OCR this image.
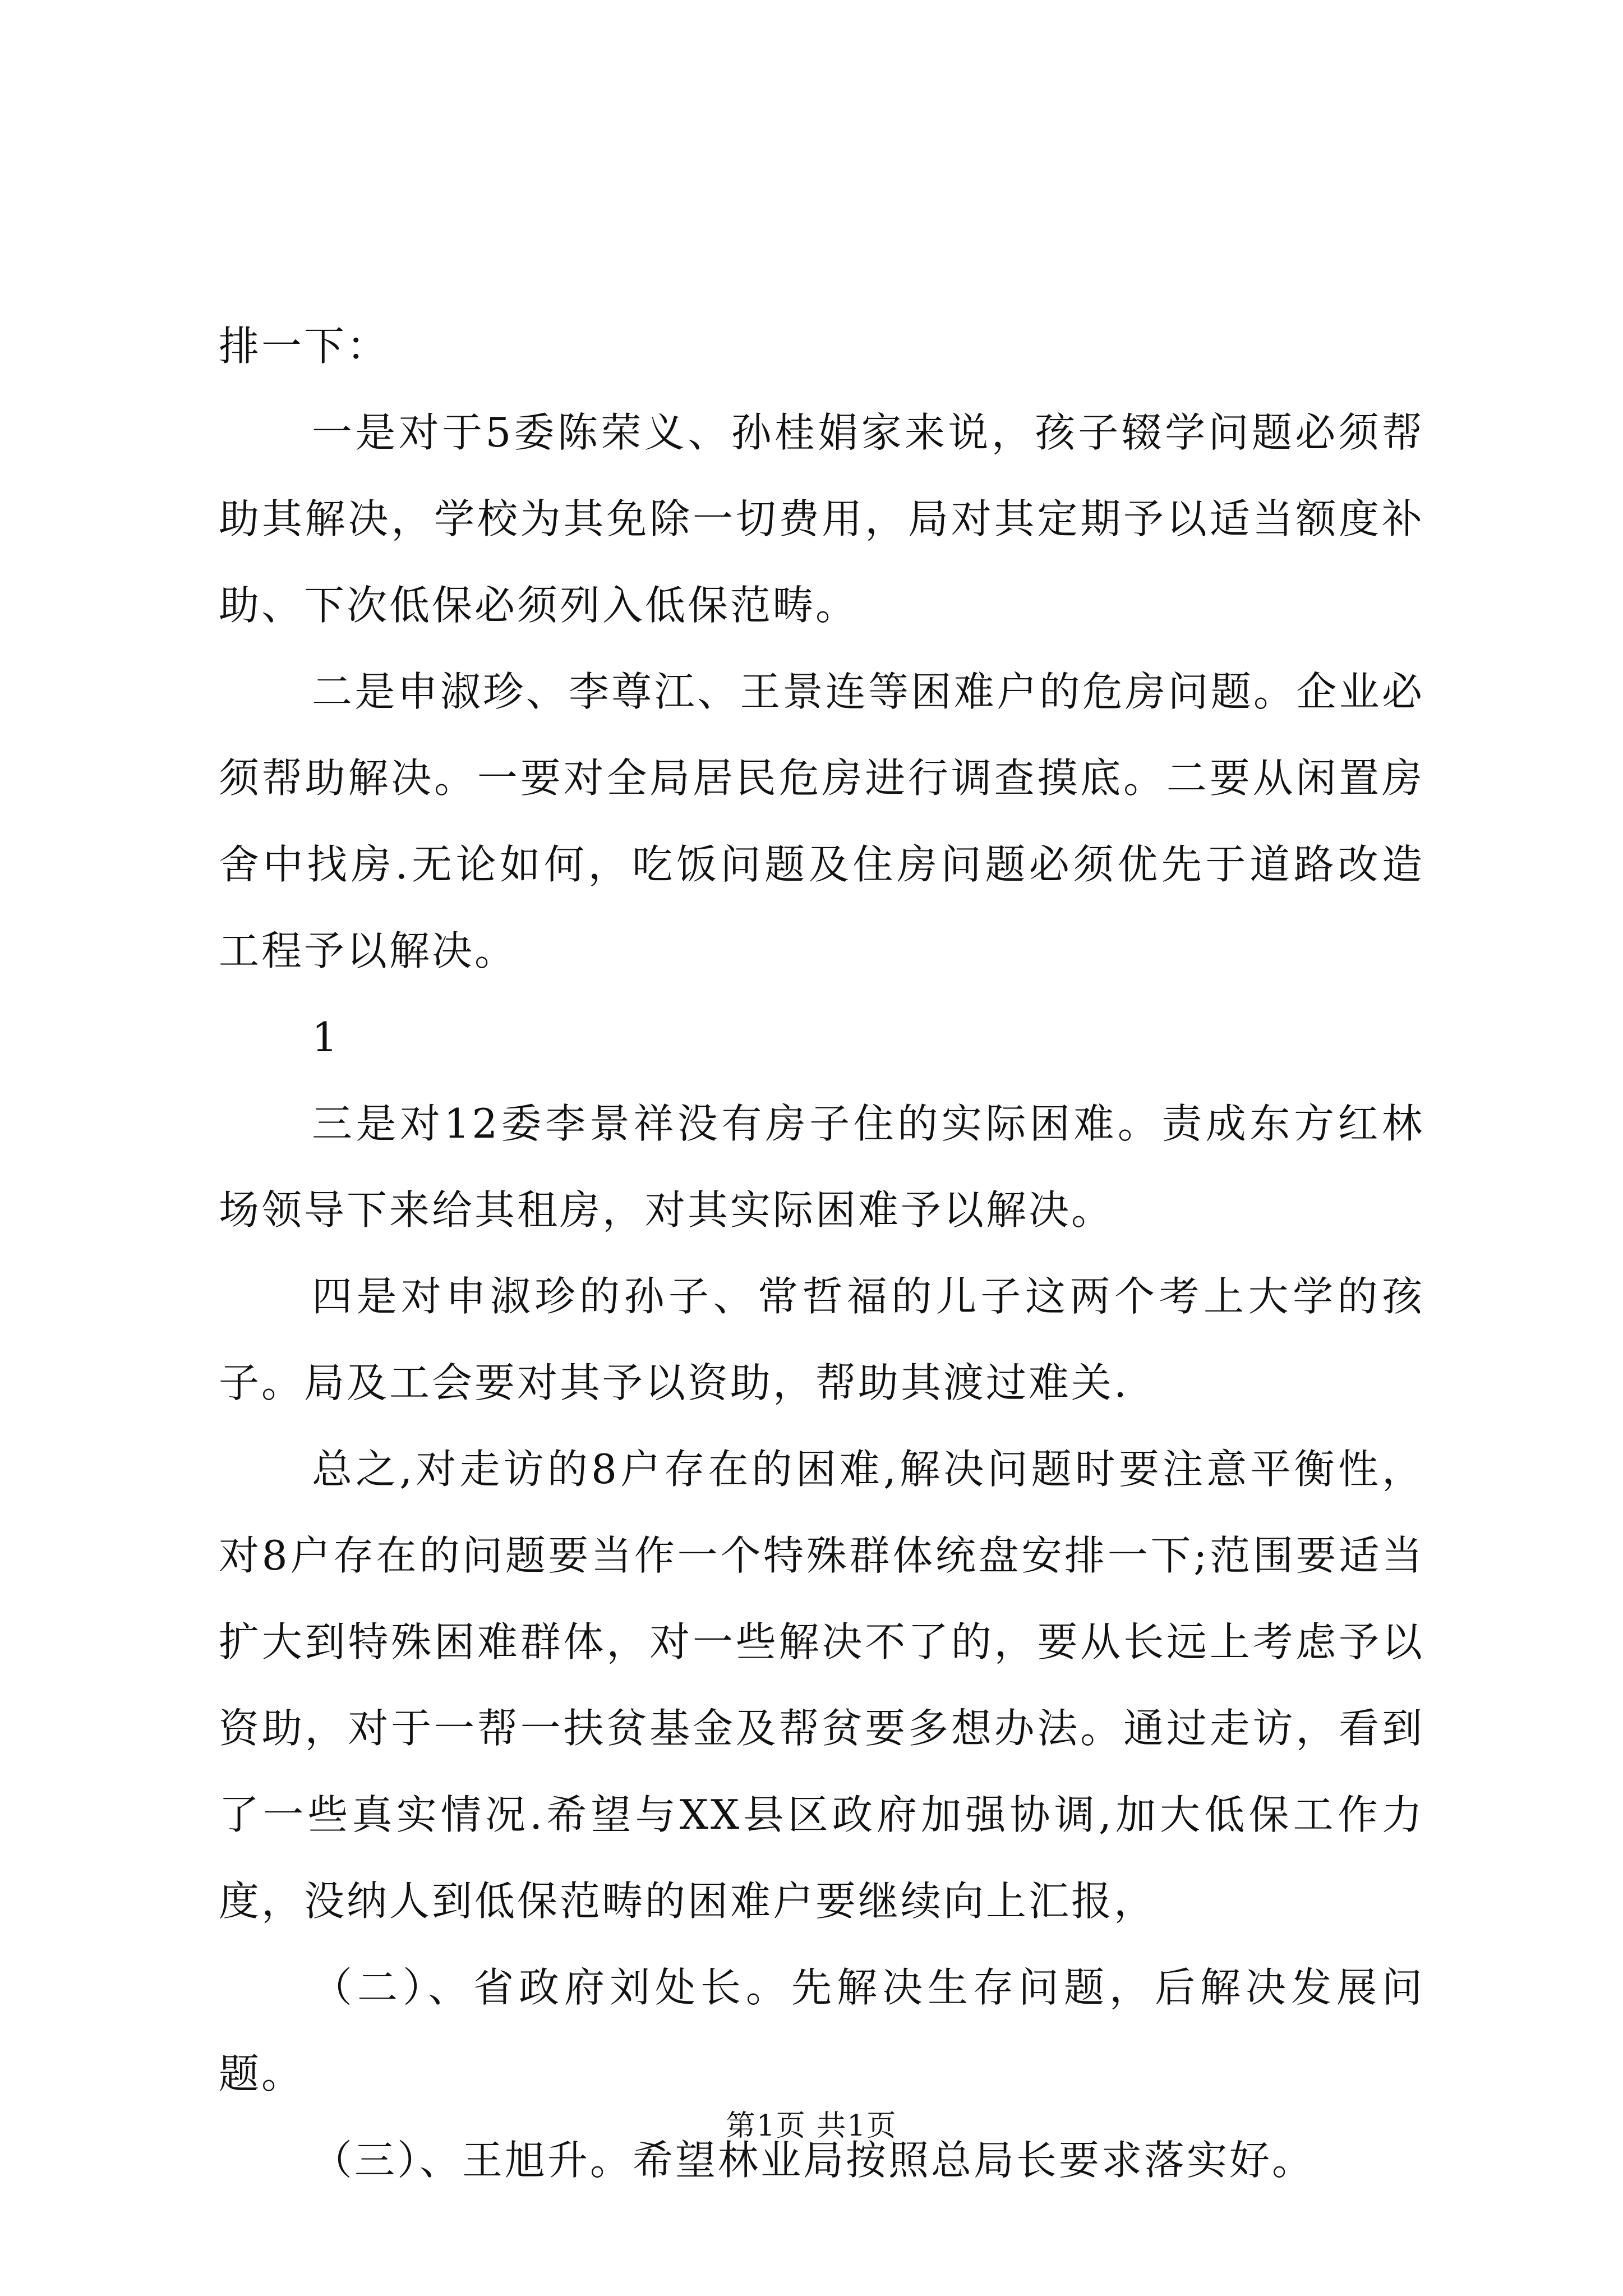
排一下：

一是对于5委陈荣义、孙桂娟家来说，孩子辍学问题必须帮助其解决，学校为其免除一切费用，局对其定期予以适当额度补助、下次低保必须列入低保范畴。

二是申淑珍、李尊江、王景连等困难户的危房问题。企业必须帮助解决。一要对全局居民危房进行调查摸底。二要从闲置房舍中找房.无论如何，吃饭问题及住房问题必须优先于道路改造工程予以解决。

1

三是对12委李景祥没有房子住的实际困难。责成东方红林场领导下来给其租房，对其实际困难予以解决。

四是对申淑珍的孙子、常哲福的儿子这两个考上大学的孩子。局及工会要对其予以资助，帮助其渡过难关.

总之,对走访的8户存在的困难,解决问题时要注意平衡性，对8户存在的问题要当作一个特殊群体统盘安排一下;范围要适当扩大到特殊困难群体，对一些解决不了的，要从长远上考虑予以资助，对于一帮一扶贫基金及帮贫要多想办法。通过走访，看到了一些真实情况.希望与XX县区政府加强协调,加大低保工作力度，没纳人到低保范畴的困难户要继续向上汇报，

（二）、省政府刘处长。先解决生存问题，后解决发展问题。

（三）、王旭升。希望林业局按照总局长要求落实好。

第1页 共1页
